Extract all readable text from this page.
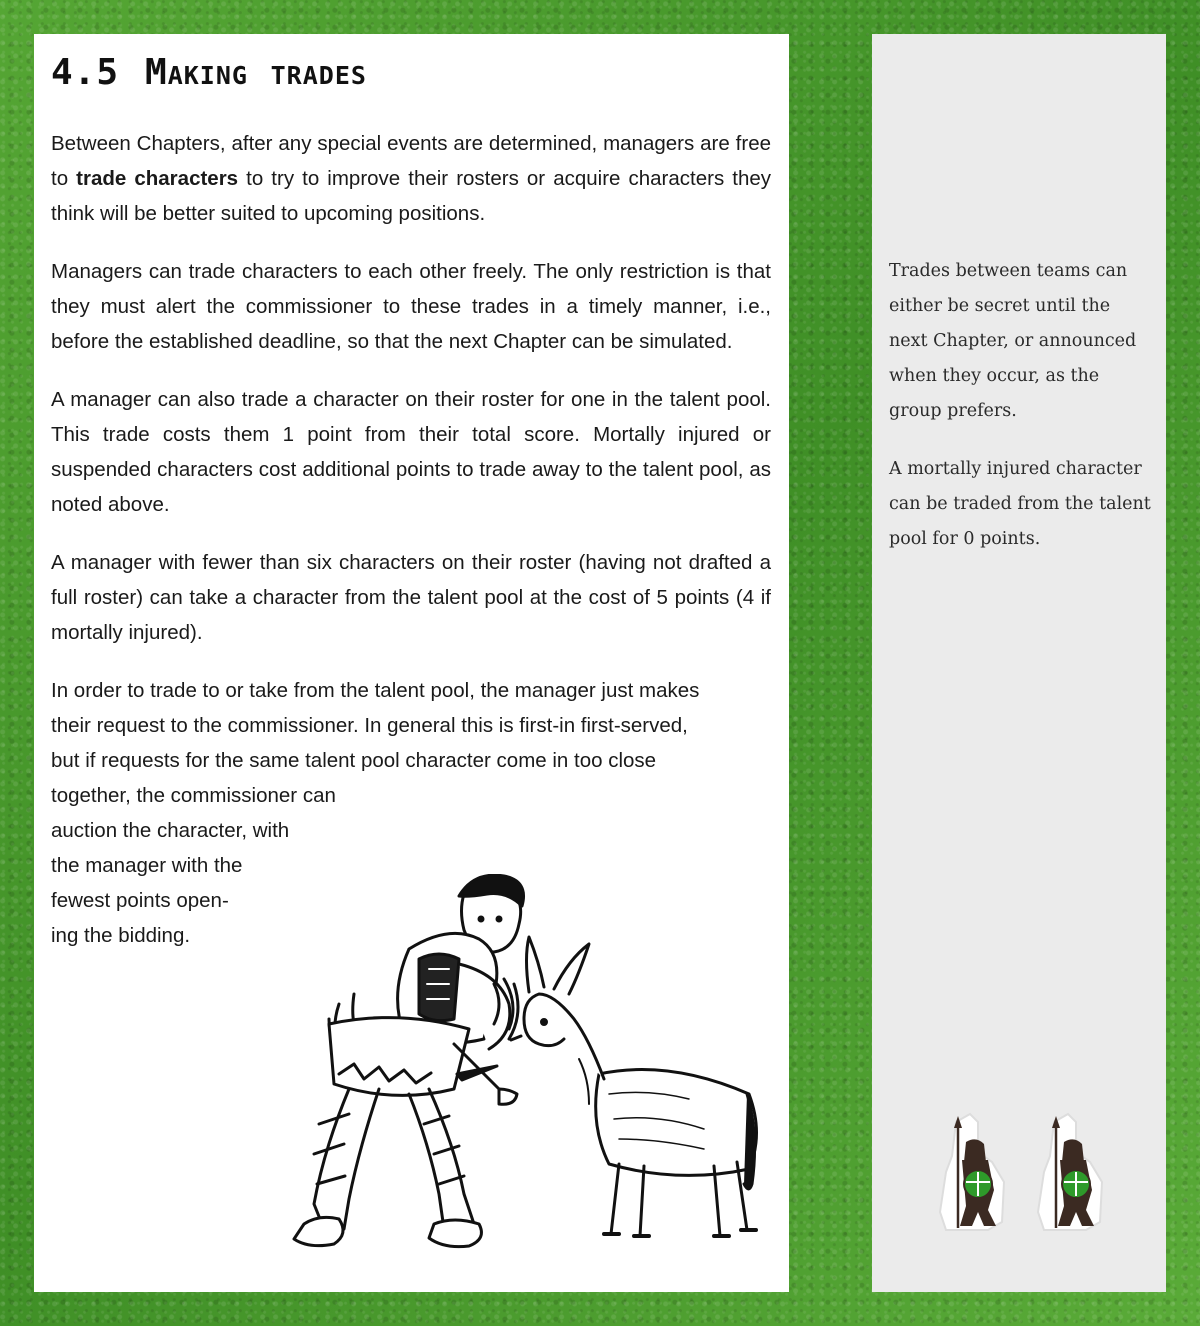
4.5 Making trades

Between Chapters, after any special events are determined, managers are free to trade characters to try to improve their rosters or acquire characters they think will be better suited to upcoming positions.

Managers can trade characters to each other freely. The only restriction is that they must alert the commissioner to these trades in a timely manner, i.e., before the established deadline, so that the next Chapter can be simulated.

A manager can also trade a character on their roster for one in the talent pool. This trade costs them 1 point from their total score. Mortally injured or suspended characters cost additional points to trade away to the talent pool, as noted above.

A manager with fewer than six characters on their roster (having not drafted a full roster) can take a character from the talent pool at the cost of 5 points (4 if mortally injured).

In order to trade to or take from the talent pool, the manager just makes
their request to the commissioner. In general this is first-in first-served,
but if requests for the same talent pool character come in too close
together, the commissioner can
auction the character, with
the manager with the
fewest points open-
ing the bidding.

Trades between teams can either be secret until the next Chapter, or announced when they occur, as the group prefers.

A mortally injured character can be traded from the talent pool for 0 points.
